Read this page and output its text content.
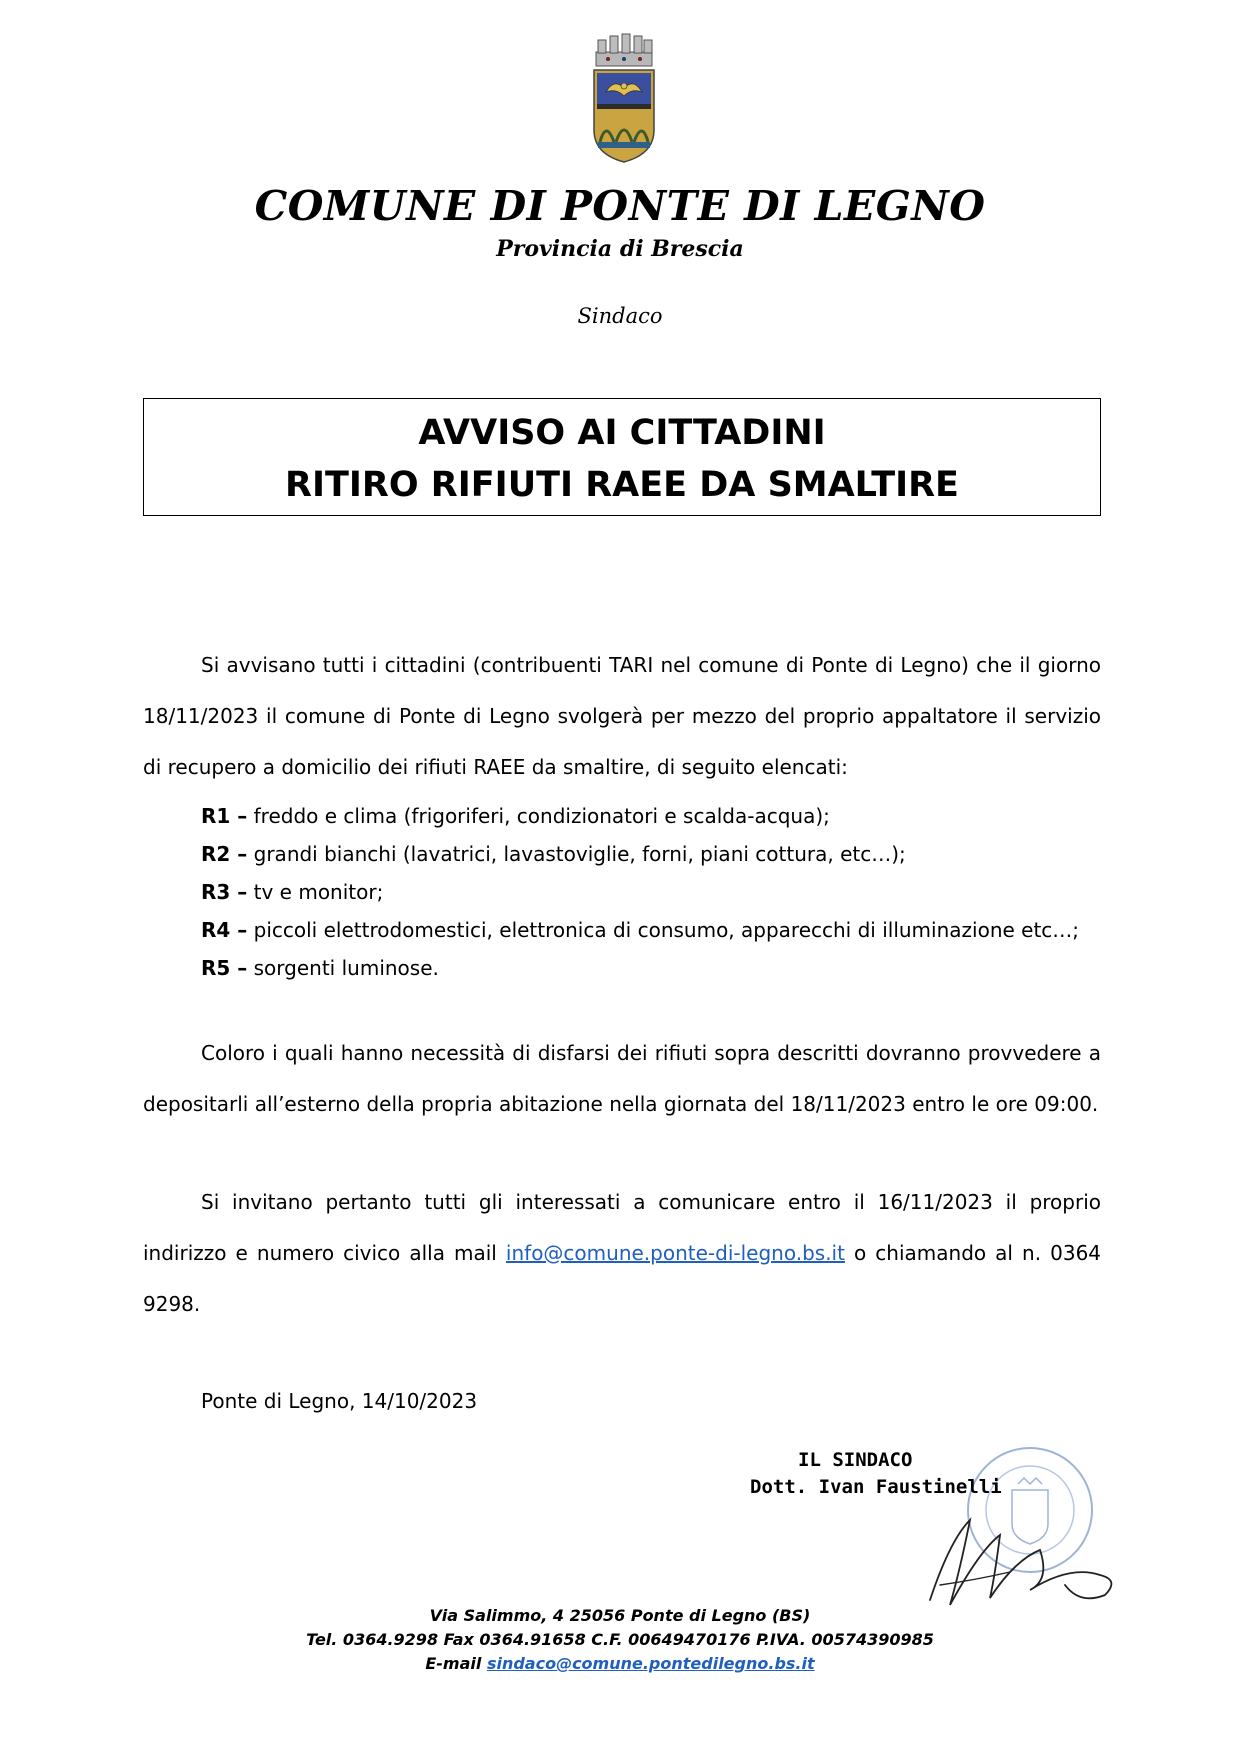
COMUNE DI PONTE DI LEGNO
Provincia di Brescia
Sindaco
AVVISO AI CITTADINI
RITIRO RIFIUTI RAEE DA SMALTIRE
Si avvisano tutti i cittadini (contribuenti TARI nel comune di Ponte di Legno) che il giorno 18/11/2023 il comune di Ponte di Legno svolgerà per mezzo del proprio appaltatore il servizio di recupero a domicilio dei rifiuti RAEE da smaltire, di seguito elencati:
R1 – freddo e clima (frigoriferi, condizionatori e scalda-acqua);
R2 – grandi bianchi (lavatrici, lavastoviglie, forni, piani cottura, etc…);
R3 – tv e monitor;
R4 – piccoli elettrodomestici, elettronica di consumo, apparecchi di illuminazione etc…;
R5 – sorgenti luminose.
Coloro i quali hanno necessità di disfarsi dei rifiuti sopra descritti dovranno provvedere a depositarli all’esterno della propria abitazione nella giornata del 18/11/2023 entro le ore 09:00.
Si invitano pertanto tutti gli interessati a comunicare entro il 16/11/2023 il proprio indirizzo e numero civico alla mail info@comune.ponte-di-legno.bs.it o chiamando al n. 0364 9298.
Ponte di Legno, 14/10/2023
IL SINDACO
Dott. Ivan Faustinelli
Via Salimmo, 4 25056 Ponte di Legno (BS)
Tel. 0364.9298 Fax 0364.91658 C.F. 00649470176 P.IVA. 00574390985
E-mail sindaco@comune.pontedilegno.bs.it
